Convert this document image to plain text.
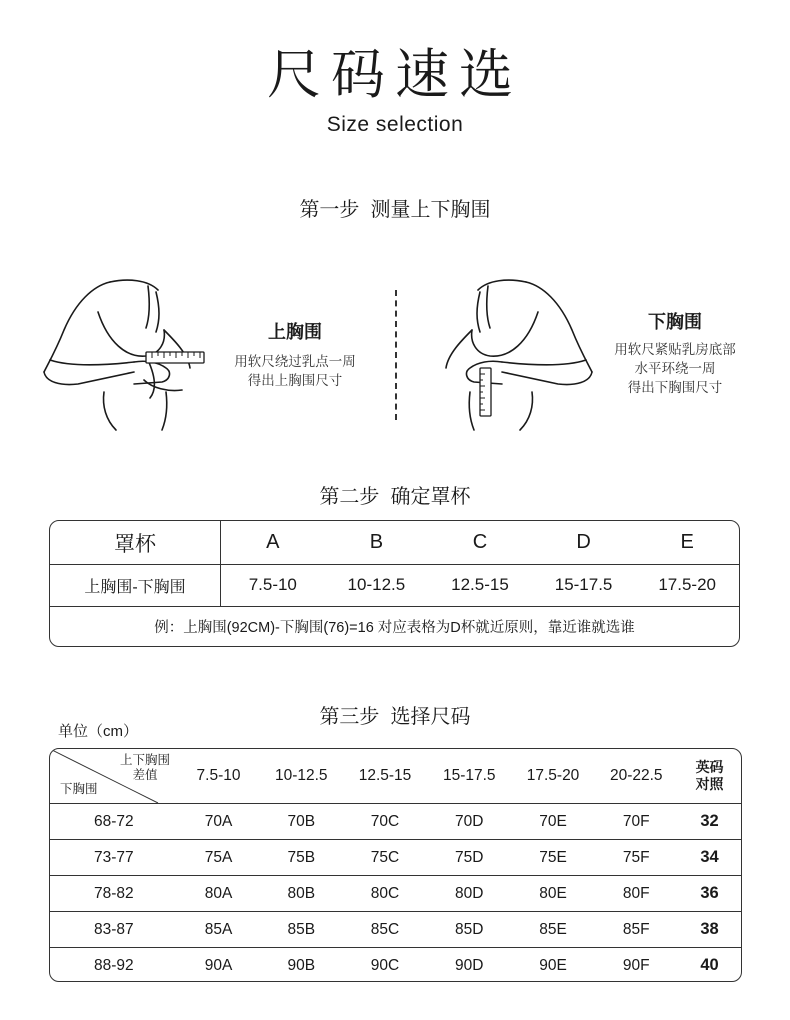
尺码速选
Size selection
第一步  测量上下胸围
上胸围
用软尺绕过乳点一周
得出上胸围尺寸
下胸围
用软尺紧贴乳房底部
水平环绕一周
得出下胸围尺寸
第二步  确定罩杯
罩杯	A	B	C	D	E
上胸围-下胸围	7.5-10	10-12.5	12.5-15	15-17.5	17.5-20
例：上胸围(92CM)-下胸围(76)=16 对应表格为D杯就近原则，靠近谁就选谁
第三步  选择尺码
单位（cm）
上下胸围
差值
下胸围
7.5-10	10-12.5	12.5-15	15-17.5	17.5-20	20-22.5	英码
对照
68-72	70A	70B	70C	70D	70E	70F	32
73-77	75A	75B	75C	75D	75E	75F	34
78-82	80A	80B	80C	80D	80E	80F	36
83-87	85A	85B	85C	85D	85E	85F	38
88-92	90A	90B	90C	90D	90E	90F	40
